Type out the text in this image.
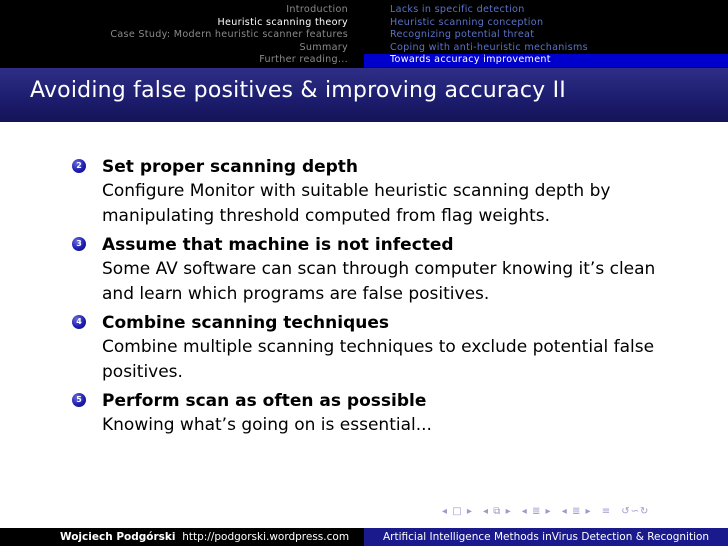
Introduction
Heuristic scanning theory
Case Study: Modern heuristic scanner features
Summary
Further reading...
Lacks in specific detection
Heuristic scanning conception
Recognizing potential threat
Coping with anti-heuristic mechanisms
Towards accuracy improvement
Avoiding false positives & improving accuracy II
2 Set proper scanning depth
Configure Monitor with suitable heuristic scanning depth by manipulating threshold computed from flag weights.
3 Assume that machine is not infected
Some AV software can scan through computer knowing it’s clean and learn which programs are false positives.
4 Combine scanning techniques
Combine multiple scanning techniques to exclude potential false positives.
5 Perform scan as often as possible
Knowing what’s going on is essential...
◂ □ ▸ ◂ ⧉ ▸ ◂ ≣ ▸ ◂ ≣ ▸ ≡ ↺∽↻
Wojciech Podgórski http://podgorski.wordpress.com	Artificial Intelligence Methods inVirus Detection & Recognition
